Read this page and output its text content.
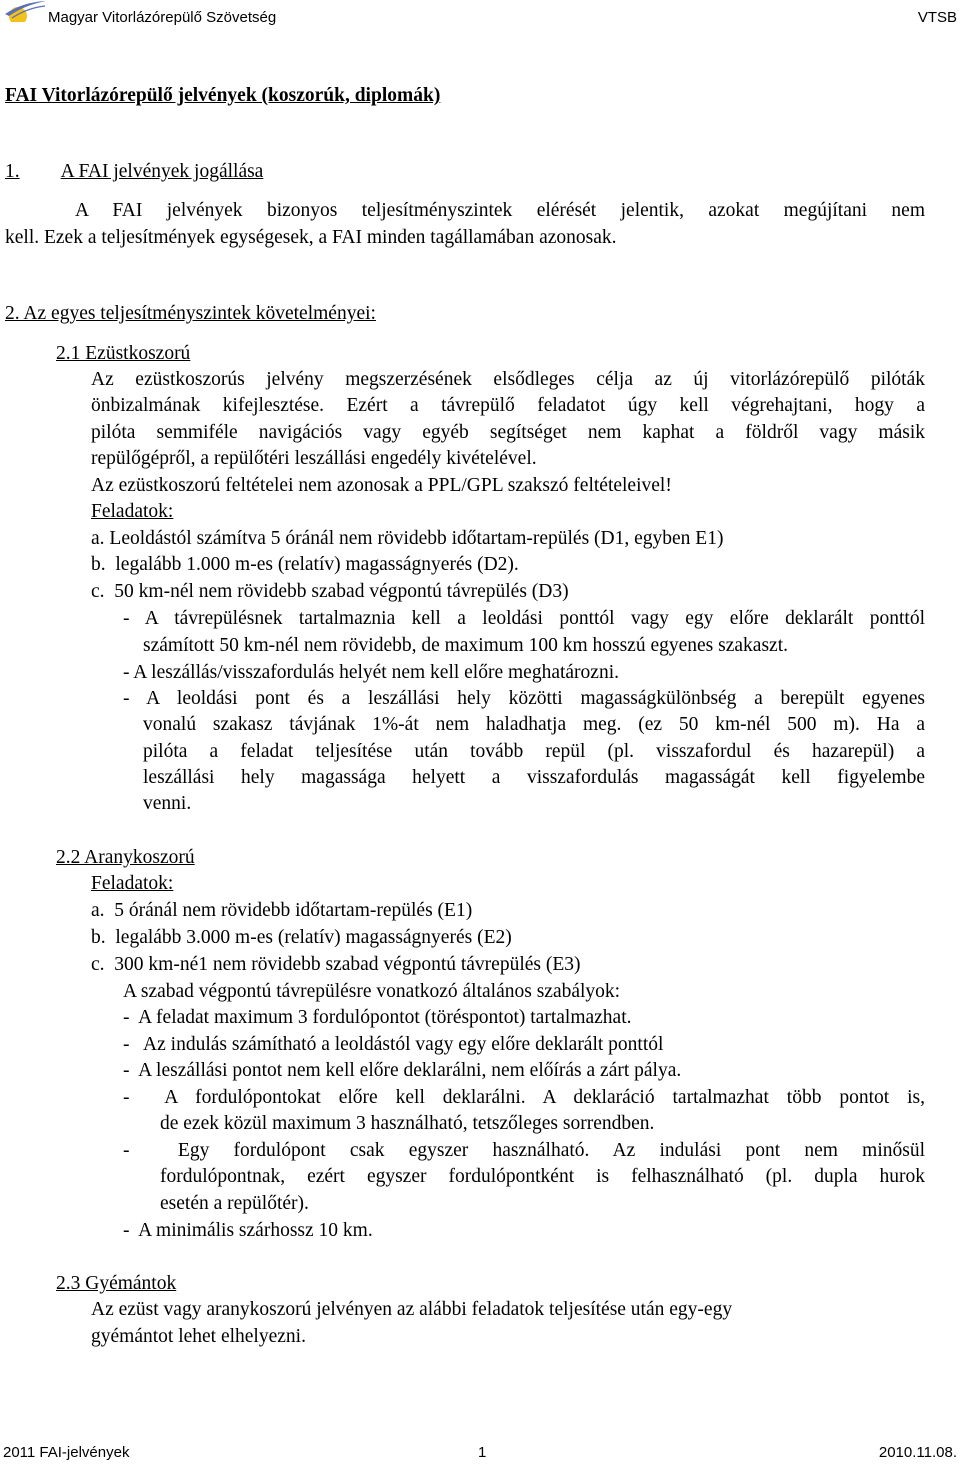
Magyar Vitorlázórepülő Szövetség	VTSB
FAI Vitorlázórepülő jelvények (koszorúk, diplomák)
1. A FAI jelvények jogállása
A FAI jelvények bizonyos teljesítményszintek elérését jelentik, azokat megújítani nem
kell. Ezek a teljesítmények egységesek, a FAI minden tagállamában azonosak.
2. Az egyes teljesítményszintek követelményei:
2.1 Ezüstkoszorú
Az ezüstkoszorús jelvény megszerzésének elsődleges célja az új vitorlázórepülő pilóták
önbizalmának kifejlesztése. Ezért a távrepülő feladatot úgy kell végrehajtani, hogy a
pilóta semmiféle navigációs vagy egyéb segítséget nem kaphat a földről vagy másik
repülőgépről, a repülőtéri leszállási engedély kivételével.
Az ezüstkoszorú feltételei nem azonosak a PPL/GPL szakszó feltételeivel!
Feladatok:
a. Leoldástól számítva 5 óránál nem rövidebb időtartam-repülés (D1, egyben E1)
b.  legalább 1.000 m-es (relatív) magasságnyerés (D2).
c.  50 km-nél nem rövidebb szabad végpontú távrepülés (D3)
- A távrepülésnek tartalmaznia kell a leoldási ponttól vagy egy előre deklarált ponttól
számított 50 km-nél nem rövidebb, de maximum 100 km hosszú egyenes szakaszt.
- A leszállás/visszafordulás helyét nem kell előre meghatározni.
- A leoldási pont és a leszállási hely közötti magasságkülönbség a berepült egyenes
vonalú szakasz távjának 1%-át nem haladhatja meg. (ez 50 km-nél 500 m). Ha a
pilóta a feladat teljesítése után tovább repül (pl. visszafordul és hazarepül) a
leszállási hely magassága helyett a visszafordulás magasságát kell figyelembe
venni.
2.2 Aranykoszorú
Feladatok:
a.  5 óránál nem rövidebb időtartam-repülés (E1)
b.  legalább 3.000 m-es (relatív) magasságnyerés (E2)
c.  300 km-né1 nem rövidebb szabad végpontú távrepülés (E3)
A szabad végpontú távrepülésre vonatkozó általános szabályok:
-  A feladat maximum 3 fordulópontot (töréspontot) tartalmazhat.
-   Az indulás számítható a leoldástól vagy egy előre deklarált ponttól
-  A leszállási pontot nem kell előre deklarálni, nem előírás a zárt pálya.
-  A fordulópontokat előre kell deklarálni. A deklaráció tartalmazhat több pontot is,
de ezek közül maximum 3 használható, tetszőleges sorrendben.
-  Egy fordulópont csak egyszer használható. Az indulási pont nem minősül
fordulópontnak, ezért egyszer fordulópontként is felhasználható (pl. dupla hurok
esetén a repülőtér).
-  A minimális szárhossz 10 km.
2.3 Gyémántok
Az ezüst vagy aranykoszorú jelvényen az alábbi feladatok teljesítése után egy-egy
gyémántot lehet elhelyezni.
2011 FAI-jelvények	1	2010.11.08.
